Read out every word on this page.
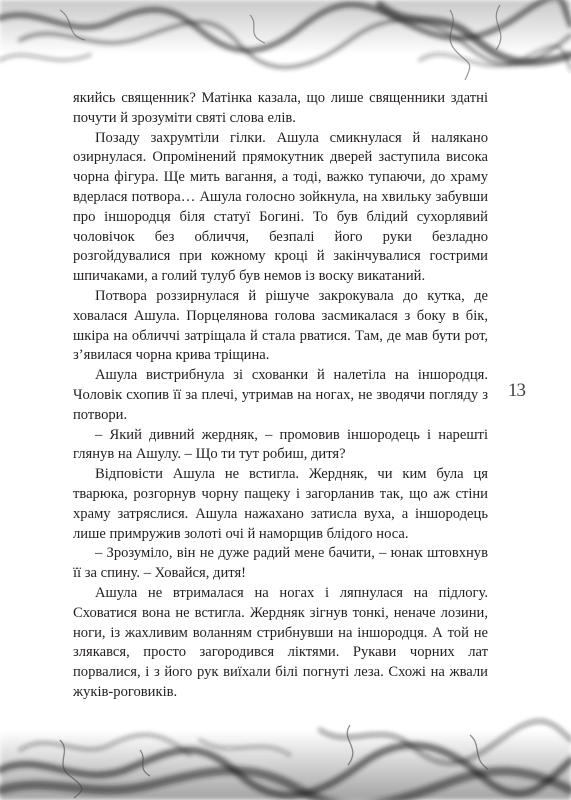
якийсь священник? Матінка казала, що лише священники здатні почути й зрозуміти святі слова елів.

Позаду захрумтіли гілки. Ашула смикнулася й налякано озирнулася. Опромінений прямокутник дверей заступила висока чорна фігура. Ще мить вагання, а тоді, важко тупаючи, до храму вдерлася потвора… Ашула голосно зойкнула, на хвильку забувши про іншородця біля статуї Богині. То був блідий сухорлявий чоловічок без обличчя, безпалі його руки безладно розгойдувалися при кожному кроці й закінчувалися гострими шпичаками, а голий тулуб був немов із воску викатаний.

Потвора роззирнулася й рішуче закрокувала до кутка, де ховалася Ашула. Порцелянова голова засмикалася з боку в бік, шкіра на обличчі затріщала й стала рватися. Там, де мав бути рот, з’явилася чорна крива тріщина.

Ашула вистрибнула зі схованки й налетіла на іншородця. Чоловік схопив її за плечі, утримав на ногах, не зводячи погляду з потвори.

– Який дивний жердняк, – промовив іншородець і нарешті глянув на Ашулу. – Що ти тут робиш, дитя?

Відповісти Ашула не встигла. Жердняк, чи ким була ця тварюка, розгорнув чорну пащеку і загорланив так, що аж стіни храму затряслися. Ашула нажахано затисла вуха, а іншородець лише примружив золоті очі й наморщив блідого носа.

– Зрозуміло, він не дуже радий мене бачити, – юнак штовхнув її за спину. – Ховайся, дитя!

Ашула не втрималася на ногах і ляпнулася на підлогу. Сховатися вона не встигла. Жердняк зігнув тонкі, неначе лозини, ноги, із жахливим воланням стрибнувши на іншородця. А той не злякався, просто загородився ліктями. Рукави чорних лат порвалися, і з його рук виїхали білі погнуті леза. Схожі на жвали жуків-роговиків.

13
